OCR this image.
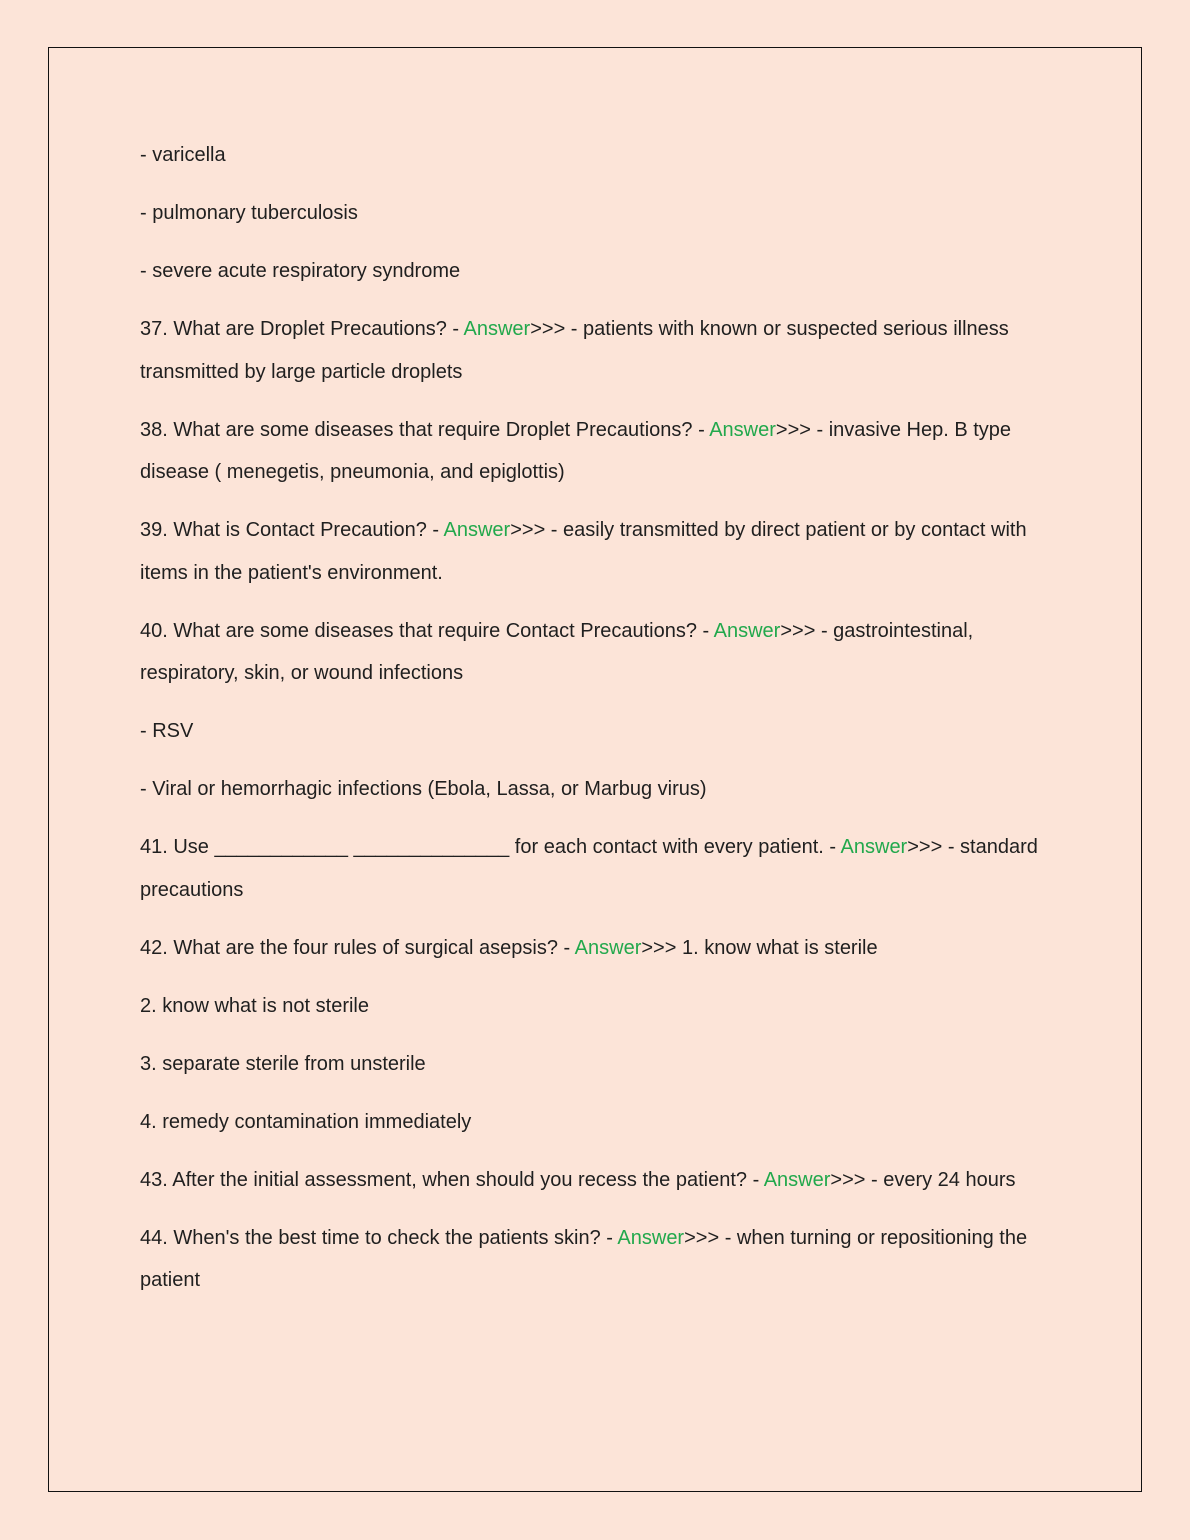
- varicella

- pulmonary tuberculosis

- severe acute respiratory syndrome

37. What are Droplet Precautions? - Answer>>> - patients with known or suspected serious illness transmitted by large particle droplets

38. What are some diseases that require Droplet Precautions? - Answer>>> - invasive Hep. B type disease ( menegetis, pneumonia, and epiglottis)

39. What is Contact Precaution? - Answer>>> - easily transmitted by direct patient or by contact with items in the patient's environment.

40. What are some diseases that require Contact Precautions? - Answer>>> - gastrointestinal, respiratory, skin, or wound infections

- RSV

- Viral or hemorrhagic infections (Ebola, Lassa, or Marbug virus)

41. Use ____________ ______________ for each contact with every patient. - Answer>>> - standard precautions

42. What are the four rules of surgical asepsis? - Answer>>> 1. know what is sterile

2. know what is not sterile

3. separate sterile from unsterile

4. remedy contamination immediately

43. After the initial assessment, when should you recess the patient? - Answer>>> - every 24 hours

44. When's the best time to check the patients skin? - Answer>>> - when turning or repositioning the patient
